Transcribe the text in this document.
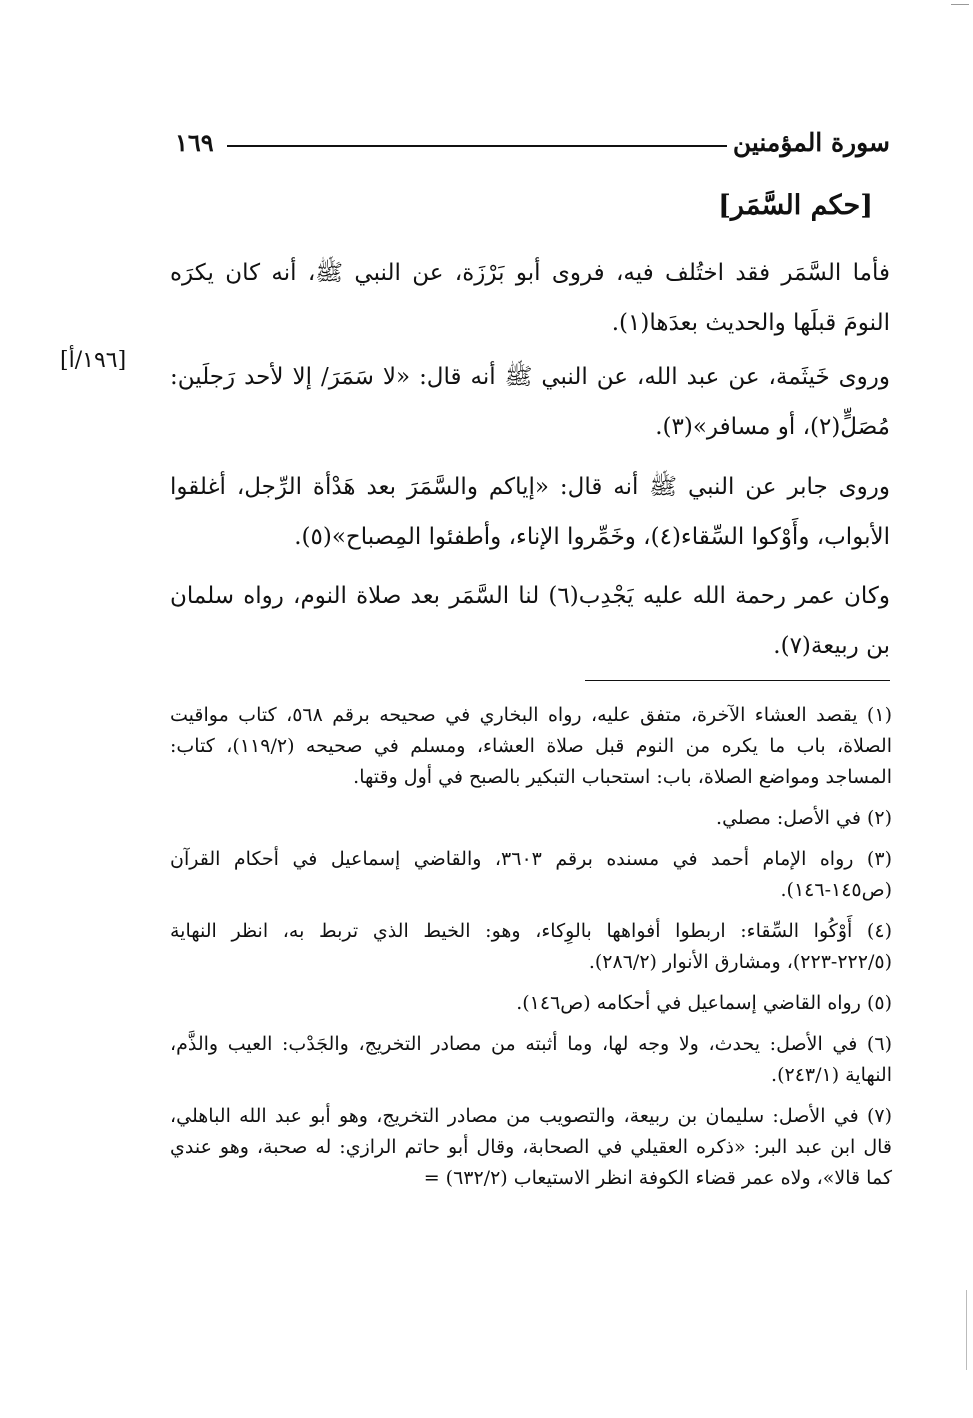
سورة المؤمنين
١٦٩
[حكم السَّمَر]
[١٩٦/أ]
فأما السَّمَر فقد اختُلف فيه، فروى أبو بَرْزَة، عن النبي ﷺ، أنه كان يكرَه النومَ قبلَها والحديث بعدَها(١).
وروى خَيثَمة، عن عبد الله، عن النبي ﷺ أنه قال: «لا سَمَرَ/ إلا لأحد رَجلَين: مُصَلٍّ(٢)، أو مسافر»(٣).
وروى جابر عن النبي ﷺ أنه قال: «إياكم والسَّمَرَ بعد هَدْأة الرِّجل، أغلقوا الأبواب، وأَوْكوا السِّقاء(٤)، وخَمِّروا الإناء، وأطفئوا المِصباح»(٥).
وكان عمر رحمة الله عليه يَجْدِب(٦) لنا السَّمَر بعد صلاة النوم، رواه سلمان بن ربيعة(٧).
(١) يقصد العشاء الآخرة، متفق عليه، رواه البخاري في صحيحه برقم ٥٦٨، كتاب مواقيت الصلاة، باب ما يكره من النوم قبل صلاة العشاء، ومسلم في صحيحه (١١٩/٢)، كتاب: المساجد ومواضع الصلاة، باب: استحباب التبكير بالصبح في أول وقتها.
(٢) في الأصل: مصلي.
(٣) رواه الإمام أحمد في مسنده برقم ٣٦٠٣، والقاضي إسماعيل في أحكام القرآن (ص١٤٥-١٤٦).
(٤) أَوْكُوا السِّقاء: اربطوا أفواهها بالوِكاء، وهو: الخيط الذي تربط به، انظر النهاية (٢٢٢/٥-٢٢٣)، ومشارق الأنوار (٢٨٦/٢).
(٥) رواه القاضي إسماعيل في أحكامه (ص١٤٦).
(٦) في الأصل: يحدث، ولا وجه لها، وما أثبته من مصادر التخريج، والجَدْب: العيب والذَّم، النهاية (٢٤٣/١).
(٧) في الأصل: سليمان بن ربيعة، والتصويب من مصادر التخريج، وهو أبو عبد الله الباهلي، قال ابن عبد البر: «ذكره العقيلي في الصحابة، وقال أبو حاتم الرازي: له صحبة، وهو عندي كما قالا»، ولاه عمر قضاء الكوفة انظر الاستيعاب (٦٣٢/٢) =
